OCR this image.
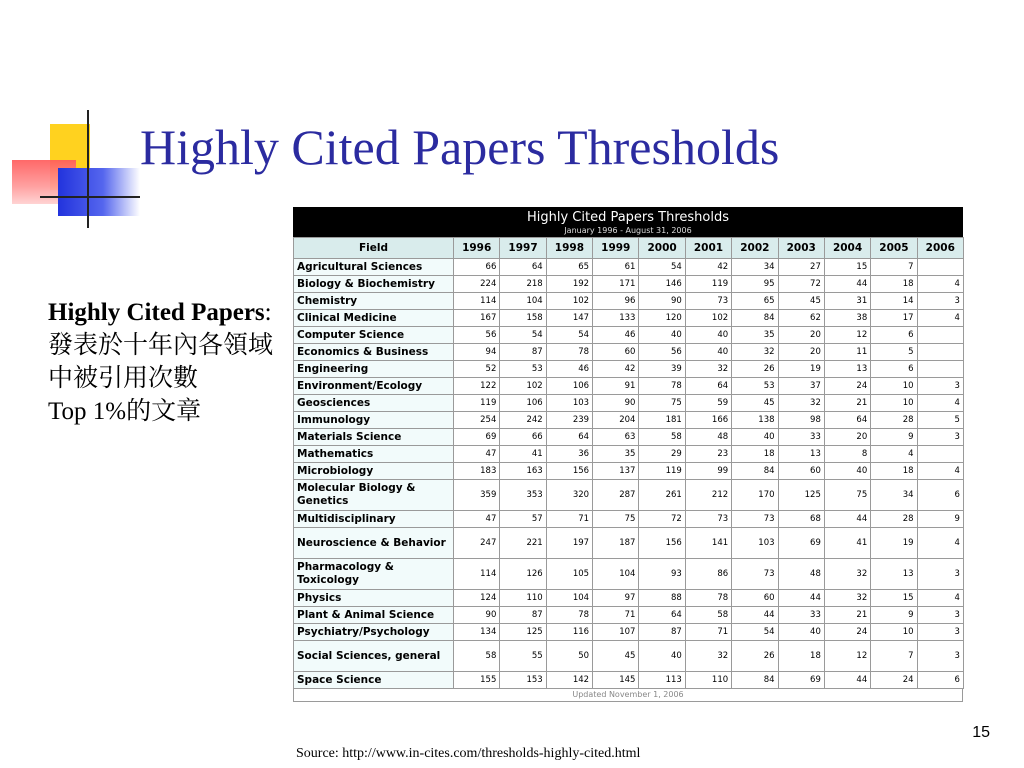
Highly Cited Papers Thresholds
Highly Cited Papers: 發表於十年內各領域中被引用次數
Top 1%的文章
Highly Cited Papers Thresholds
January 1996 - August 31, 2006
Field	1996	1997	1998	1999	2000	2001	2002	2003	2004	2005	2006
Agricultural Sciences	66	64	65	61	54	42	34	27	15	7	
Biology & Biochemistry	224	218	192	171	146	119	95	72	44	18	4
Chemistry	114	104	102	96	90	73	65	45	31	14	3
Clinical Medicine	167	158	147	133	120	102	84	62	38	17	4
Computer Science	56	54	54	46	40	40	35	20	12	6	
Economics & Business	94	87	78	60	56	40	32	20	11	5	
Engineering	52	53	46	42	39	32	26	19	13	6	
Environment/Ecology	122	102	106	91	78	64	53	37	24	10	3
Geosciences	119	106	103	90	75	59	45	32	21	10	4
Immunology	254	242	239	204	181	166	138	98	64	28	5
Materials Science	69	66	64	63	58	48	40	33	20	9	3
Mathematics	47	41	36	35	29	23	18	13	8	4	
Microbiology	183	163	156	137	119	99	84	60	40	18	4
Molecular Biology & Genetics	359	353	320	287	261	212	170	125	75	34	6
Multidisciplinary	47	57	71	75	72	73	73	68	44	28	9
Neuroscience & Behavior	247	221	197	187	156	141	103	69	41	19	4
Pharmacology & Toxicology	114	126	105	104	93	86	73	48	32	13	3
Physics	124	110	104	97	88	78	60	44	32	15	4
Plant & Animal Science	90	87	78	71	64	58	44	33	21	9	3
Psychiatry/Psychology	134	125	116	107	87	71	54	40	24	10	3
Social Sciences, general	58	55	50	45	40	32	26	18	12	7	3
Space Science	155	153	142	145	113	110	84	69	44	24	6
Updated November 1, 2006
Source: http://www.in-cites.com/thresholds-highly-cited.html
15
